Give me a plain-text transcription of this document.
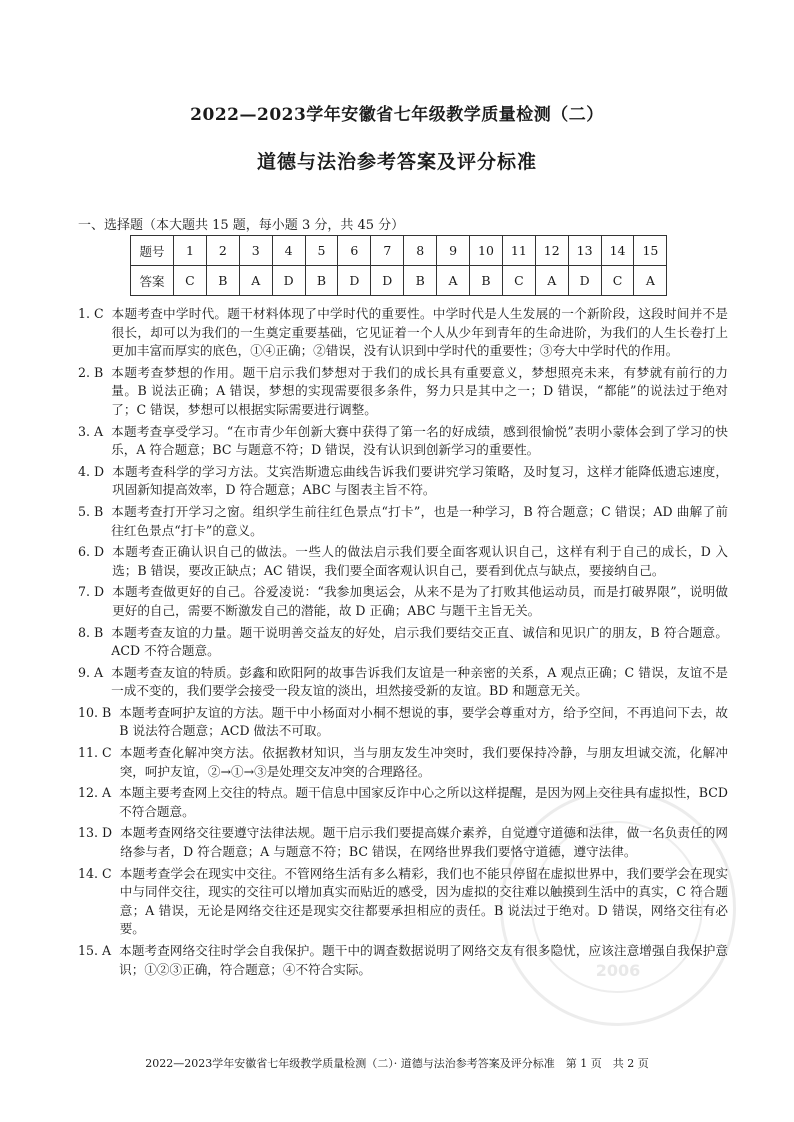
2006
2022—2023学年安徽省七年级教学质量检测（二）
道德与法治参考答案及评分标准
一、选择题（本大题共 15 题，每小题 3 分，共 45 分）
题号	1	2	3	4	5	6	7	8	9	10	11	12	13	14	15
答案	C	B	A	D	B	D	D	B	A	B	C	A	D	C	A
1. C 本题考查中学时代。题干材料体现了中学时代的重要性。中学时代是人生发展的一个新阶段，这段时间并不是很长，却可以为我们的一生奠定重要基础，它见证着一个人从少年到青年的生命进阶，为我们的人生长卷打上更加丰富而厚实的底色，①④正确；②错误，没有认识到中学时代的重要性；③夸大中学时代的作用。
2. B 本题考查梦想的作用。题干启示我们梦想对于我们的成长具有重要意义，梦想照亮未来，有梦就有前行的力量。B 说法正确；A 错误，梦想的实现需要很多条件，努力只是其中之一；D 错误，“都能”的说法过于绝对了；C 错误，梦想可以根据实际需要进行调整。
3. A 本题考查享受学习。“在市青少年创新大赛中获得了第一名的好成绩，感到很愉悦”表明小蒙体会到了学习的快乐，A 符合题意；BC 与题意不符；D 错误，没有认识到创新学习的重要性。
4. D 本题考查科学的学习方法。艾宾浩斯遗忘曲线告诉我们要讲究学习策略，及时复习，这样才能降低遗忘速度，巩固新知提高效率，D 符合题意；ABC 与图表主旨不符。
5. B 本题考查打开学习之窗。组织学生前往红色景点“打卡”，也是一种学习，B 符合题意；C 错误；AD 曲解了前往红色景点“打卡”的意义。
6. D 本题考查正确认识自己的做法。一些人的做法启示我们要全面客观认识自己，这样有利于自己的成长，D 入选；B 错误，要改正缺点；AC 错误，我们要全面客观认识自己，要看到优点与缺点，要接纳自己。
7. D 本题考查做更好的自己。谷爱凌说：“我参加奥运会，从来不是为了打败其他运动员，而是打破界限”，说明做更好的自己，需要不断激发自己的潜能，故 D 正确；ABC 与题干主旨无关。
8. B 本题考查友谊的力量。题干说明善交益友的好处，启示我们要结交正直、诚信和见识广的朋友，B 符合题意。ACD 不符合题意。
9. A 本题考查友谊的特质。彭鑫和欧阳阿的故事告诉我们友谊是一种亲密的关系，A 观点正确；C 错误，友谊不是一成不变的，我们要学会接受一段友谊的淡出，坦然接受新的友谊。BD 和题意无关。
10. B 本题考查呵护友谊的方法。题干中小杨面对小桐不想说的事，要学会尊重对方，给予空间，不再追问下去，故 B 说法符合题意；ACD 做法不可取。
11. C 本题考查化解冲突方法。依据教材知识，当与朋友发生冲突时，我们要保持冷静，与朋友坦诚交流，化解冲突，呵护友谊，②→①→③是处理交友冲突的合理路径。
12. A 本题主要考查网上交往的特点。题干信息中国家反诈中心之所以这样提醒，是因为网上交往具有虚拟性，BCD 不符合题意。
13. D 本题考查网络交往要遵守法律法规。题干启示我们要提高媒介素养，自觉遵守道德和法律，做一名负责任的网络参与者，D 符合题意；A 与题意不符；BC 错误，在网络世界我们要恪守道德，遵守法律。
14. C 本题考查学会在现实中交往。不管网络生活有多么精彩，我们也不能只停留在虚拟世界中，我们要学会在现实中与同伴交往，现实的交往可以增加真实而贴近的感受，因为虚拟的交往难以触摸到生活中的真实，C 符合题意；A 错误，无论是网络交往还是现实交往都要承担相应的责任。B 说法过于绝对。D 错误，网络交往有必要。
15. A 本题考查网络交往时学会自我保护。题干中的调查数据说明了网络交友有很多隐忧，应该注意增强自我保护意识；①②③正确，符合题意；④不符合实际。
2022—2023学年安徽省七年级教学质量检测（二）· 道德与法治参考答案及评分标准　第 1 页　共 2 页
